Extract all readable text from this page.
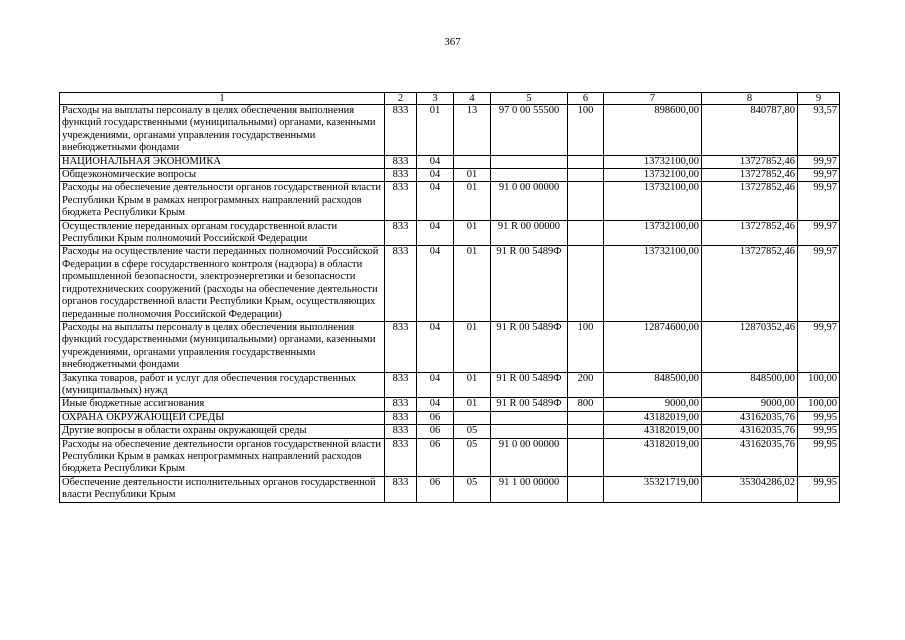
367
1	2	3	4	5	6	7	8	9
Расходы на выплаты персоналу в целях обеспечения выполнения функций государственными (муниципальными) органами, казенными учреждениями, органами управления государственными внебюджетными фондами	833	01	13	97 0 00 55500	100	898600,00	840787,80	93,57
НАЦИОНАЛЬНАЯ ЭКОНОМИКА	833	04				13732100,00	13727852,46	99,97
Общеэкономические вопросы	833	04	01			13732100,00	13727852,46	99,97
Расходы на обеспечение деятельности органов государственной власти Республики Крым в рамках непрограммных направлений расходов бюджета Республики Крым	833	04	01	91 0 00 00000		13732100,00	13727852,46	99,97
Осуществление переданных органам государственной власти Республики Крым полномочий Российской Федерации	833	04	01	91 R 00 00000		13732100,00	13727852,46	99,97
Расходы на осуществление части переданных полномочий Российской Федерации в сфере государственного контроля (надзора) в области промышленной безопасности, электроэнергетики и безопасности гидротехнических сооружений (расходы на обеспечение деятельности органов государственной власти Республики Крым, осуществляющих переданные полномочия Российской Федерации)	833	04	01	91 R 00 5489Ф		13732100,00	13727852,46	99,97
Расходы на выплаты персоналу в целях обеспечения выполнения функций государственными (муниципальными) органами, казенными учреждениями, органами управления государственными внебюджетными фондами	833	04	01	91 R 00 5489Ф	100	12874600,00	12870352,46	99,97
Закупка товаров, работ и услуг для обеспечения государственных (муниципальных) нужд	833	04	01	91 R 00 5489Ф	200	848500,00	848500,00	100,00
Иные бюджетные ассигнования	833	04	01	91 R 00 5489Ф	800	9000,00	9000,00	100,00
ОХРАНА ОКРУЖАЮЩЕЙ СРЕДЫ	833	06				43182019,00	43162035,76	99,95
Другие вопросы в области охраны окружающей среды	833	06	05			43182019,00	43162035,76	99,95
Расходы на обеспечение деятельности органов государственной власти Республики Крым в рамках непрограммных направлений расходов бюджета Республики Крым	833	06	05	91 0 00 00000		43182019,00	43162035,76	99,95
Обеспечение деятельности исполнительных органов государственной власти Республики Крым	833	06	05	91 1 00 00000		35321719,00	35304286,02	99,95
